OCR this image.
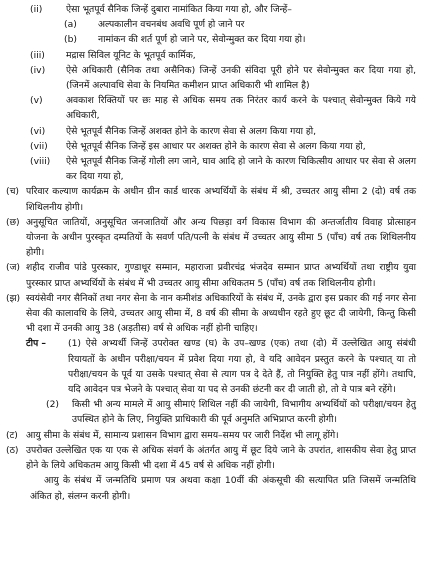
(ii)	ऐसा भूतपूर्व सैनिक जिन्हें दुबारा नामांकित किया गया हो, और जिन्हें–
(a)	अल्पकालीन वचनबंध अवधि पूर्ण हो जाने पर
(b)	नामांकन की शर्त पूर्ण हो जाने पर, सेवोन्मुक्त कर दिया गया हो।
(iii)	मद्रास सिविल यूनिट के भूतपूर्व कार्मिक,
(iv)	ऐसे अधिकारी (सैनिक तथा असैनिक) जिन्हें उनकी संविदा पूरी होने पर सेवोन्मुक्त कर दिया गया हो, (जिनमें अल्पावधि सेवा के नियमित कमीशन प्राप्त अधिकारी भी शामिल है)
(v)	अवकाश रिक्तियों पर छः माह से अधिक समय तक निरंतर कार्य करने के पश्चात् सेवोन्मुक्त किये गये अधिकारी,
(vi)	ऐसे भूतपूर्व सैनिक जिन्हें अशक्त होने के कारण सेवा से अलग किया गया हो,
(vii)	ऐसे भूतपूर्व सैनिक जिन्हें इस आधार पर अशक्त होने के कारण सेवा से अलग किया गया हो,
(viii)	ऐसे भूतपूर्व सैनिक जिन्हें गोली लग जाने, घाव आदि हो जाने के कारण चिकित्सीय आधार पर सेवा से अलग कर दिया गया हो,
(च) परिवार कल्याण कार्यक्रम के अधीन ग्रीन कार्ड धारक अभ्यर्थियों के संबंध में श्री, उच्चतर आयु सीमा 2 (दो) वर्ष तक शिथिलनीय होगी।
(छ) अनुसूचित जातियों, अनुसूचित जनजातियों और अन्य पिछड़ा वर्ग विकास विभाग की अन्तर्जातीय विवाह प्रोत्साहन योजना के अधीन पुरस्कृत दम्पतियों के सवर्ण पति/पत्नी के संबंध में उच्चतर आयु सीमा 5 (पाँच) वर्ष तक शिथिलनीय होगी।
(ज) शहीद राजीव पांडे पुरस्कार, गुण्डाधूर सम्मान, महाराजा प्रवीरचंद्र भंजदेव सम्मान प्राप्त अभ्यर्थियों तथा राष्ट्रीय युवा पुरस्कार प्राप्त अभ्यर्थियों के संबंध में भी उच्चतर आयु सीमा अधिकतम 5 (पाँच) वर्ष तक शिथिलनीय होगी।
(झ) स्वयंसेवी नगर सैनिकों तथा नगर सेना के नान कमीशंड अधिकारियों के संबंध में, उनके द्वारा इस प्रकार की गई नगर सेना सेवा की कालावधि के लिये, उच्चतर आयु सीमा में, 8 वर्ष की सीमा के अध्यधीन रहते हुए छूट दी जायेगी, किन्तु किसी भी दशा में उनकी आयु 38 (अड़तीस) वर्ष से अधिक नहीं होनी चाहिए।
टीप –	(1) ऐसे अभ्यर्थी जिन्हें उपरोक्त खण्ड (घ) के उप–खण्ड (एक) तथा (दो) में उल्लेखित आयु संबंधी रियायतों के अधीन परीक्षा/चयन में प्रवेश दिया गया हो, वे यदि आवेदन प्रस्तुत करने के पश्चात् या तो परीक्षा/चयन के पूर्व या उसके पश्चात् सेवा से त्याग पत्र दे देते हैं, तो नियुक्ति हेतु पात्र नहीं होंगे। तथापि, यदि आवेदन पत्र भेजने के पश्चात् सेवा या पद से उनकी छंटनी कर दी जाती हो, तो वे पात्र बने रहेंगे।
(2)	किसी भी अन्य मामले में आयु सीमाएं शिथिल नहीं की जायेगी, विभागीय अभ्यर्थियों को परीक्षा/चयन हेतु उपस्थित होने के लिए, नियुक्ति प्राधिकारी की पूर्व अनुमति अभिप्राप्त करनी होगी।
(ट) आयु सीमा के संबंध में, सामान्य प्रशासन विभाग द्वारा समय–समय पर जारी निर्देश भी लागू होंगे।
(ठ) उपरोक्त उल्लेखित एक या एक से अधिक संवर्ग के अंतर्गत आयु में छूट दिये जाने के उपरांत, शासकीय सेवा हेतु प्राप्त होने के लिये अधिकतम आयु किसी भी दशा में 45 वर्ष से अधिक नहीं होगी।
आयु के संबंध में जन्मतिथि प्रमाण पत्र अथवा कक्षा 10वीं की अंकसूची की सत्यापित प्रति जिसमें जन्मतिथि अंकित हो, संलग्न करनी होगी।
